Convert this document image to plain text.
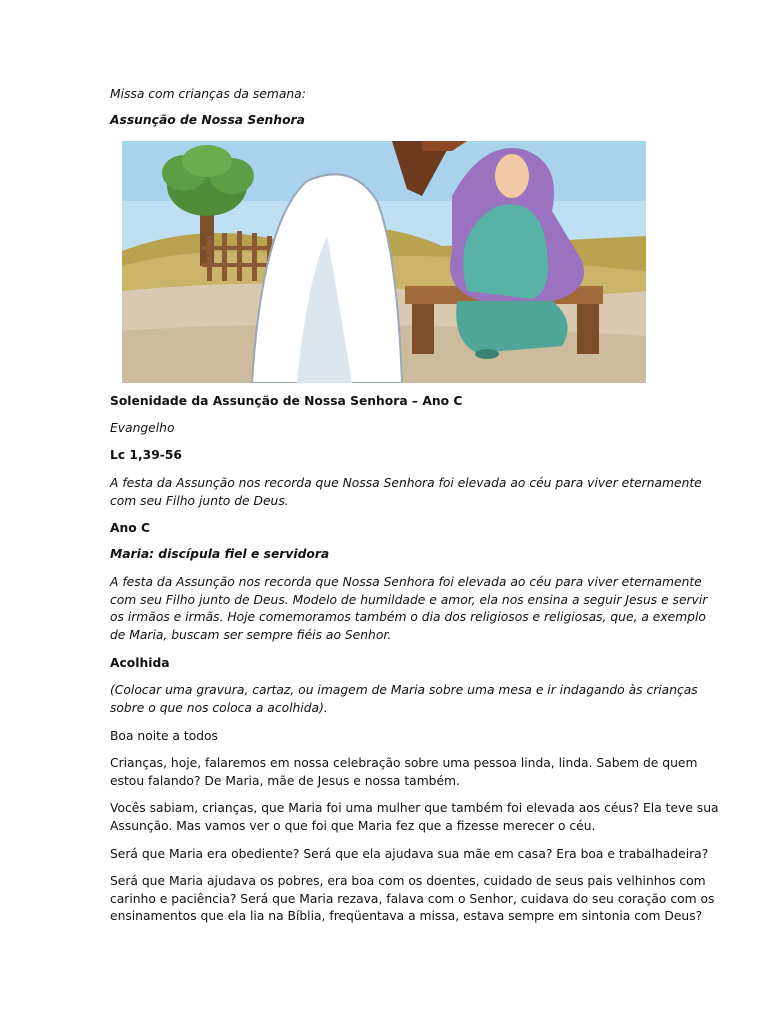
Missa com crianças da semana:

Assunção de Nossa Senhora

Solenidade da Assunção de Nossa Senhora – Ano C

Evangelho

Lc 1,39-56

A festa da Assunção nos recorda que Nossa Senhora foi elevada ao céu para viver eternamente com seu Filho junto de Deus.

Ano C

Maria: discípula fiel e servidora

A festa da Assunção nos recorda que Nossa Senhora foi elevada ao céu para viver eternamente com seu Filho junto de Deus. Modelo de humildade e amor, ela nos ensina a seguir Jesus e servir os irmãos e irmãs. Hoje comemoramos também o dia dos religiosos e religiosas, que, a exemplo de Maria, buscam ser sempre fiéis ao Senhor.

Acolhida

(Colocar uma gravura, cartaz, ou imagem de Maria sobre uma mesa e ir indagando às crianças sobre o que nos coloca a acolhida).

Boa noite a todos

Crianças, hoje, falaremos em nossa celebração sobre uma pessoa linda, linda. Sabem de quem estou falando? De Maria, mãe de Jesus e nossa também.

Vocês sabiam, crianças, que Maria foi uma mulher que também foi elevada aos céus? Ela teve sua Assunção. Mas vamos ver o que foi que Maria fez que a fizesse merecer o céu.

Será que Maria era obediente? Será que ela ajudava sua mãe em casa? Era boa e trabalhadeira?

Será que Maria ajudava os pobres, era boa com os doentes, cuidado de seus pais velhinhos com carinho e paciência? Será que Maria rezava, falava com o Senhor, cuidava do seu coração com os ensinamentos que ela lia na Bíblia, freqüentava a missa, estava sempre em sintonia com Deus?
